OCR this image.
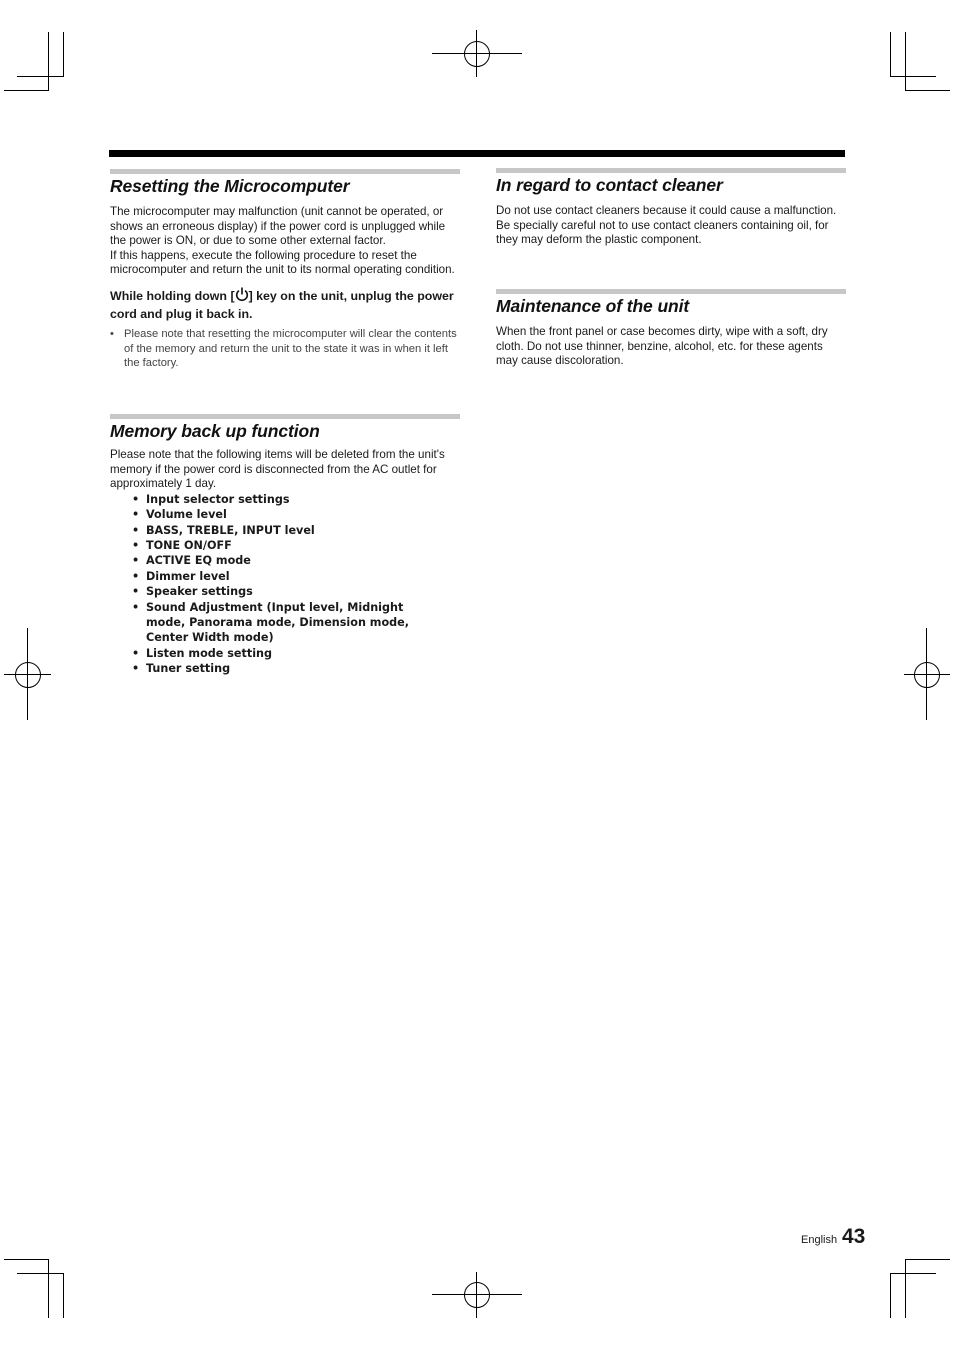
Resetting the Microcomputer

The microcomputer may malfunction (unit cannot be operated, or shows an erroneous display) if the power cord is unplugged while the power is ON, or due to some other external factor.

If this happens, execute the following procedure to reset the microcomputer and return the unit to its normal operating condition.

While holding down [ ] key on the unit, unplug the power cord and plug it back in.

• Please note that resetting the microcomputer will clear the contents of the memory and return the unit to the state it was in when it left the factory.

Memory back up function

Please note that the following items will be deleted from the unit's memory if the power cord is disconnected from the AC outlet for approximately 1 day.

• Input selector settings
• Volume level
• BASS, TREBLE, INPUT level
• TONE ON/OFF
• ACTIVE EQ mode
• Dimmer level
• Speaker settings
• Sound Adjustment (Input level, Midnight mode, Panorama mode, Dimension mode, Center Width mode)
• Listen mode setting
• Tuner setting
In regard to contact cleaner

Do not use contact cleaners because it could cause a malfunction. Be specially careful not to use contact cleaners containing oil, for they may deform the plastic component.

Maintenance of the unit

When the front panel or case becomes dirty, wipe with a soft, dry cloth. Do not use thinner, benzine, alcohol, etc. for these agents may cause discoloration.

English 43
